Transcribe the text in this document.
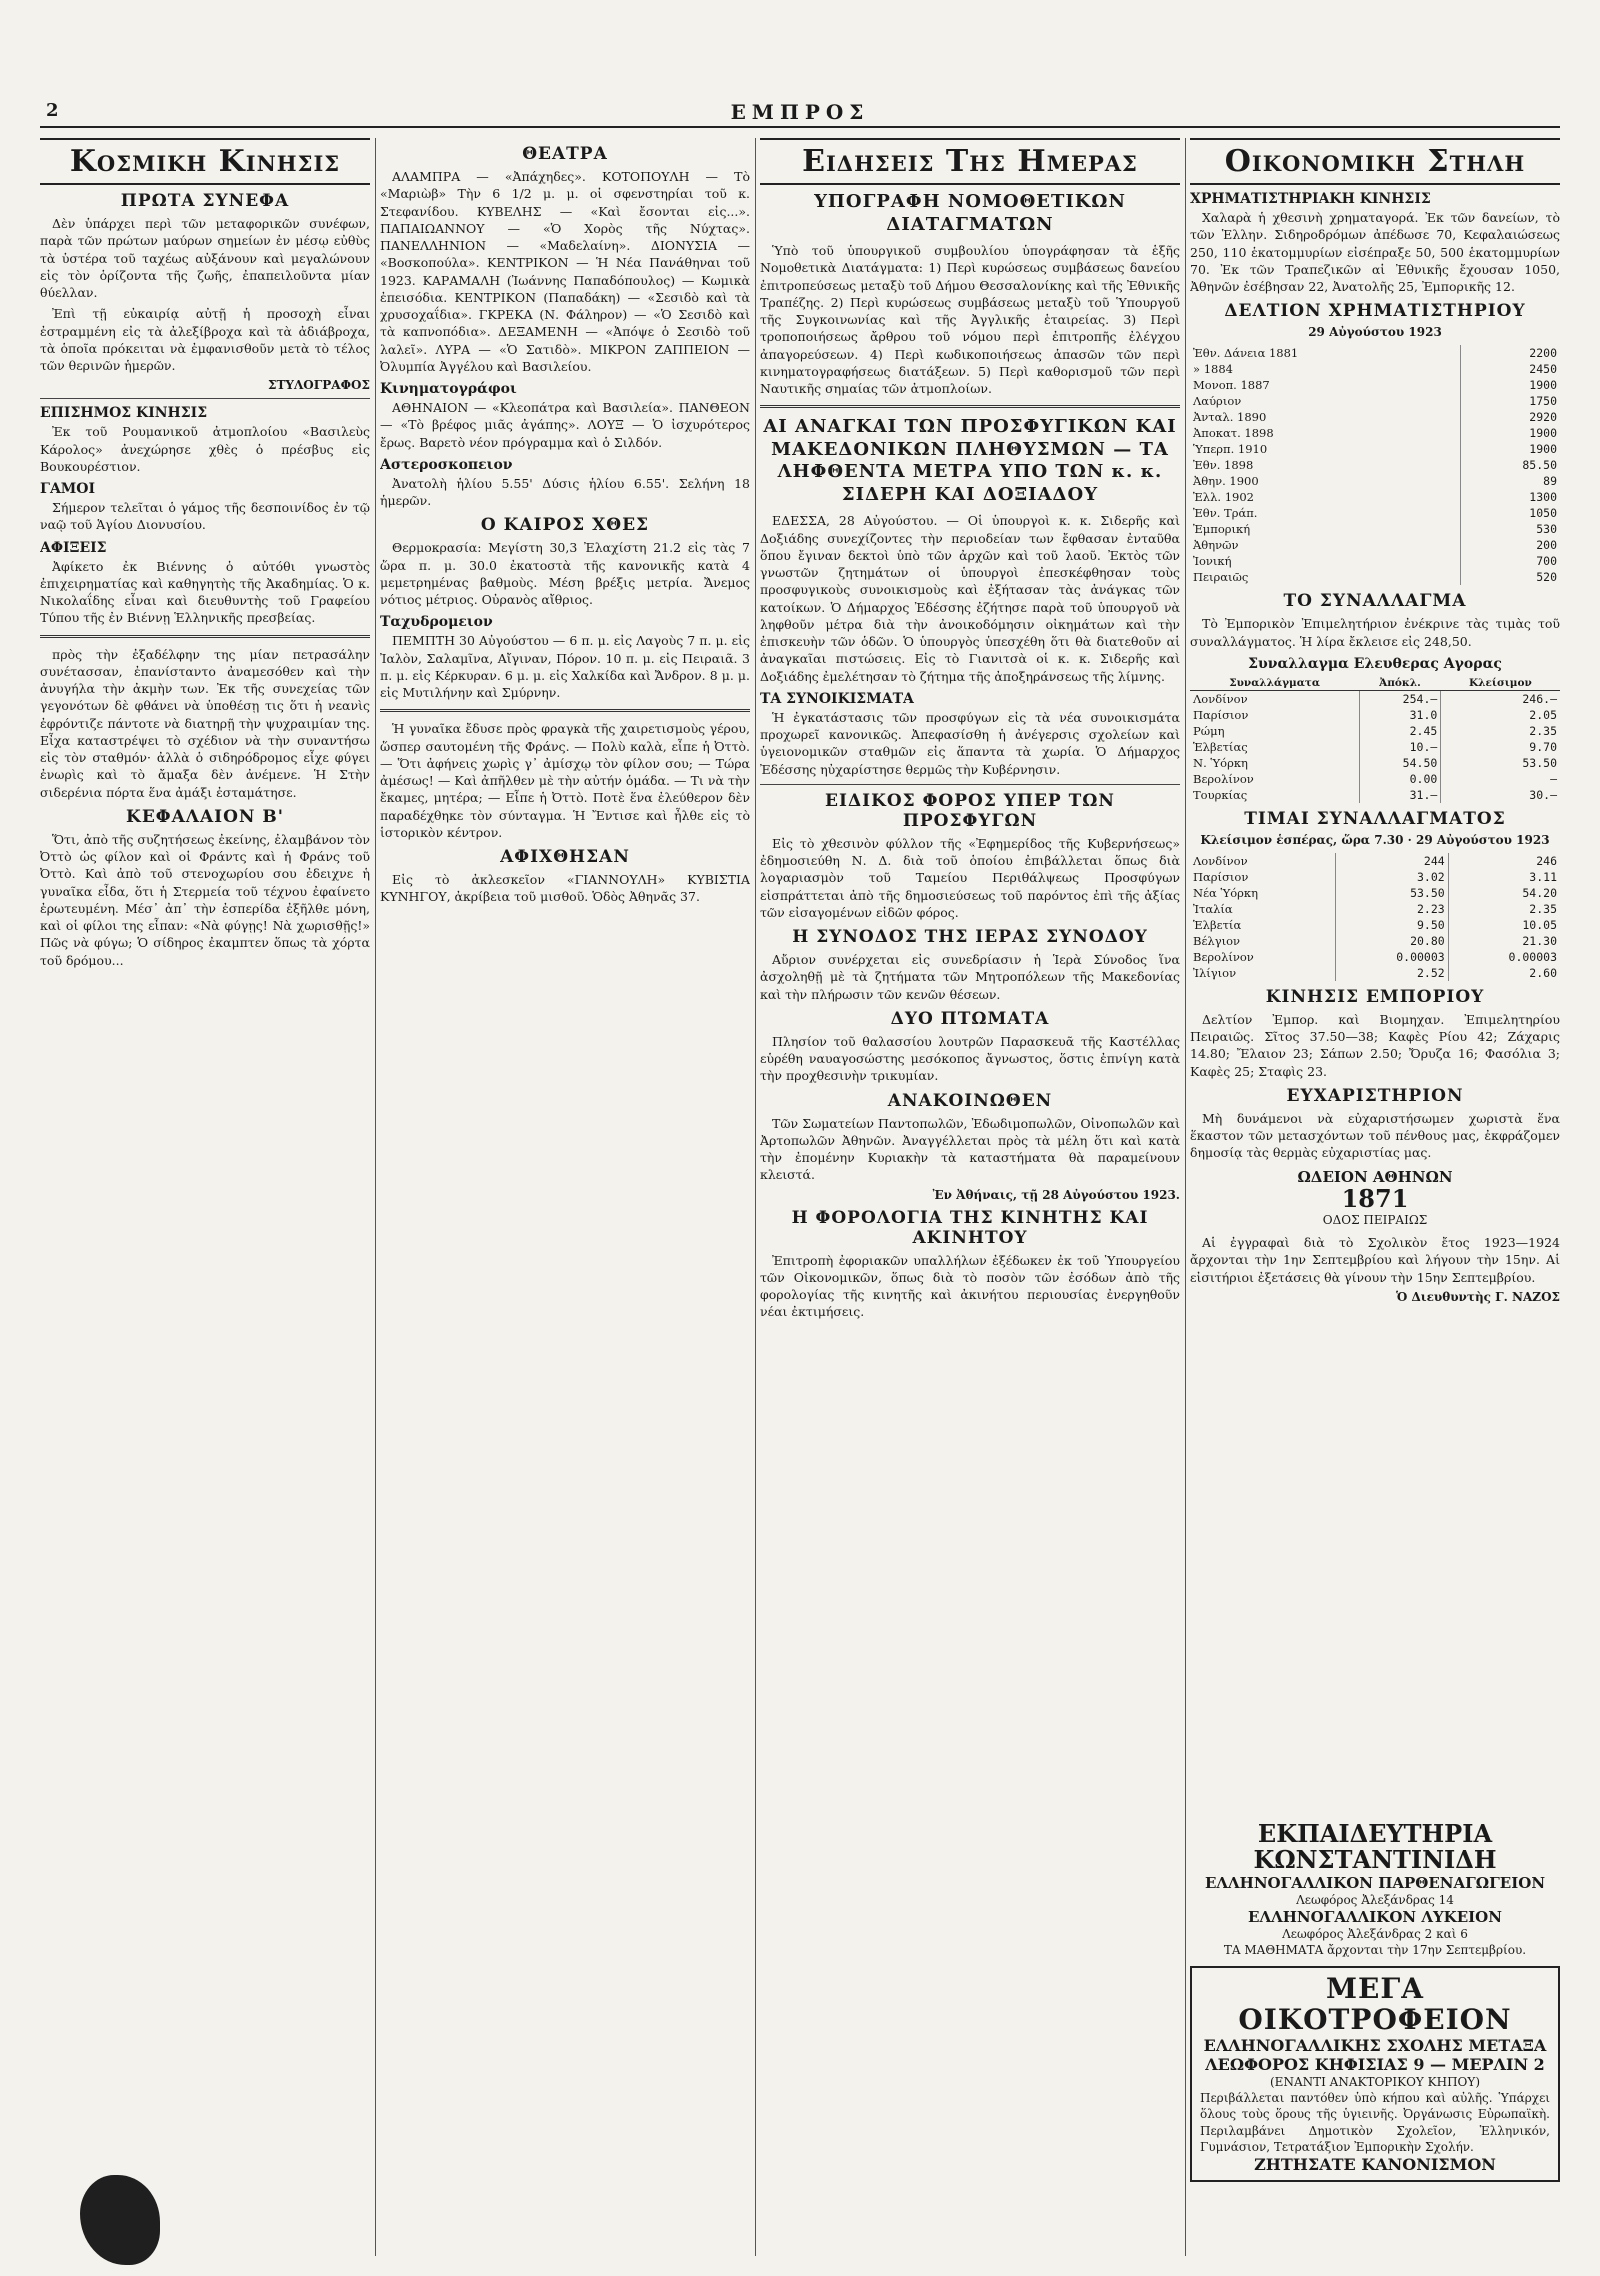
2	ΕΜΠΡΟΣ
Κοσμικη Κινησις
ΠΡΩΤΑ ΣΥΝΕΦΑ

Δὲν ὑπάρχει περὶ τῶν μεταφορικῶν συνέφων, παρὰ τῶν πρώτων μαύρων σημείων ἐν μέσῳ εὐθὺς τὰ ὑστέρα τοῦ ταχέως αὐξάνουν καὶ μεγαλώνουν εἰς τὸν ὁρίζοντα τῆς ζωῆς, ἐπαπειλοῦντα μίαν θύελλαν.

Ἐπὶ τῇ εὐκαιρίᾳ αὐτῇ ἡ προσοχὴ εἶναι ἐστραμμένη εἰς τὰ ἀλεξίβροχα καὶ τὰ ἀδιάβροχα, τὰ ὁποῖα πρόκειται νὰ ἐμφανισθοῦν μετὰ τὸ τέλος τῶν θερινῶν ἡμερῶν.

ΣΤΥΛΟΓΡΑΦΟΣ
ΕΠΙΣΗΜΟΣ ΚΙΝΗΣΙΣ

Ἐκ τοῦ Ρουμανικοῦ ἀτμοπλοίου «Βασιλεὺς Κάρολος» ἀνεχώρησε χθὲς ὁ πρέσβυς εἰς Βουκουρέστιον.

ΓΑΜΟΙ

Σήμερον τελεῖται ὁ γάμος τῆς δεσποινίδος ἐν τῷ ναῷ τοῦ Ἁγίου Διονυσίου.

ΑΦΙΞΕΙΣ

Ἀφίκετο ἐκ Βιέννης ὁ αὐτόθι γνωστὸς ἐπιχειρηματίας καὶ καθηγητὴς τῆς Ἀκαδημίας. Ὁ κ. Νικολαΐδης εἶναι καὶ διευθυντὴς τοῦ Γραφείου Τύπου τῆς ἐν Βιέννῃ Ἑλληνικῆς πρεσβείας.

πρὸς τὴν ἐξαδέλφην της μίαν πετρασάλην συνέτασσαν, ἐπανίσταντο ἀναμεσόθεν καὶ τὴν ἀνυγήλα τὴν ἀκμὴν των. Ἐκ τῆς συνεχείας τῶν γεγονότων δὲ φθάνει νὰ ὑποθέσῃ τις ὅτι ἡ νεανὶς ἐφρόντιζε πάντοτε νὰ διατηρῇ τὴν ψυχραιμίαν της. Εἶχα καταστρέψει τὸ σχέδιον νὰ τὴν συναντήσω εἰς τὸν σταθμόν· ἀλλὰ ὁ σιδηρόδρομος εἶχε φύγει ἐνωρὶς καὶ τὸ ἄμαξα δὲν ἀνέμενε. Ἡ Στὴν σιδερένια πόρτα ἕνα ἀμάξι ἐσταμάτησε.

ΚΕΦΑΛΑΙΟΝ Β'

Ὅτι, ἀπὸ τῆς συζητήσεως ἐκείνης, ἐλαμβάνον τὸν Ὀττὸ ὡς φίλον καὶ οἱ Φράντς καὶ ἡ Φράνς τοῦ Ὀττὸ. Καὶ ἀπὸ τοῦ στενοχωρίου σου ἐδειχνε ἡ γυναῖκα εἶδα, ὅτι ἡ Στερμεία τοῦ τέχνου ἐφαίνετο ἐρωτευμένη. Μέσ᾽ ἀπ᾽ τὴν ἐσπερίδα ἐξῆλθε μόνη, καὶ οἱ φίλοι της εἶπαν: «Νὰ φύγῃς! Νὰ χωρισθῇς!» Πῶς νὰ φύγω; Ὁ σίδηρος ἐκαμπτεν ὅπως τὰ χόρτα τοῦ δρόμου...

ΘΕΑΤΡΑ

ΑΛΑΜΠΡΑ — «Ἀπάχηδες». ΚΟΤΟΠΟΥΛΗ — Τὸ «Μαριὼβ» Τὴν 6 1/2 μ. μ. οἱ σφενστηρίαι τοῦ κ. Στεφανίδου. ΚΥΒΕΛΗΣ — «Καὶ ἔσονται εἰς...». ΠΑΠΑΙΩΑΝΝΟΥ — «Ὁ Χορὸς τῆς Νύχτας». ΠΑΝΕΛΛΗΝΙΟΝ — «Μαδελαίνη». ΔΙΟΝΥΣΙΑ — «Βοσκοπούλα». ΚΕΝΤΡΙΚΟΝ — Ἡ Νέα Πανάθηναι τοῦ 1923. ΚΑΡΑΜΑΛΗ (Ἰωάννης Παπαδόπουλος) — Κωμικὰ ἐπεισόδια. ΚΕΝΤΡΙΚΟΝ (Παπαδάκη) — «Σεσιδὸ καὶ τὰ χρυσοχαΐδια». ΓΚΡΕΚΑ (Ν. Φάληρον) — «Ὁ Σεσιδὸ καὶ τὰ καπνοπόδια». ΔΕΞΑΜΕΝΗ — «Ἀπόψε ὁ Σεσιδὸ τοῦ λαλεῖ». ΛΥΡΑ — «Ὁ Σατιδὸ». ΜΙΚΡΟΝ ΖΑΠΠΕΙΟΝ — Ὀλυμπία Ἀγγέλου καὶ Βασιλείου.

Κινηματογράφοι

ΑΘΗΝΑΙΟΝ — «Κλεοπάτρα καὶ Βασιλεία». ΠΑΝΘΕΟΝ — «Τὸ βρέφος μιᾶς ἀγάπης». ΛΟΥΞ — Ὁ ἰσχυρότερος ἔρως. Βαρετὸ νέον πρόγραμμα καὶ ὁ Σιλδόν.

Αστεροσκοπειον

Ἀνατολὴ ἡλίου 5.55' Δύσις ἡλίου 6.55'. Σελήνη 18 ἡμερῶν.

Ο ΚΑΙΡΟΣ ΧΘΕΣ

Θερμοκρασία: Μεγίστη 30,3 Ἐλαχίστη 21.2 εἰς τὰς 7 ὥρα π. μ. 30.0 ἐκατοστὰ τῆς κανονικῆς κατὰ 4 μεμετρημένας βαθμοὺς. Μέση βρέξις μετρία. Ἄνεμος νότιος μέτριος. Οὐρανὸς αἴθριος.

Ταχυδρομειον

ΠΕΜΠΤΗ 30 Αὐγούστου — 6 π. μ. εἰς Λαγοὺς 7 π. μ. εἰς Ἰαλὸν, Σαλαμῖνα, Αἴγιναν, Πόρον. 10 π. μ. εἰς Πειραιᾶ. 3 π. μ. εἰς Κέρκυραν. 6 μ. μ. εἰς Χαλκίδα καὶ Ἄνδρον. 8 μ. μ. εἰς Μυτιλήνην καὶ Σμύρνην.

Ἡ γυναῖκα ἔδυσε πρὸς φραγκὰ τῆς χαιρετισμοὺς γέρου, ὥσπερ σαυτομένη τῆς Φράνς. — Πολὺ καλὰ, εἶπε ἡ Ὀττὸ. — Ὅτι ἀφήνεις χωρὶς γ᾽ ἀμίσχῳ τὸν φίλον σου; — Τώρα ἀμέσως! — Καὶ ἀπῆλθεν μὲ τὴν αὐτήν ὁμάδα. — Τι νὰ τὴν ἔκαμες, μητέρα; — Εἶπε ἡ Ὀττὸ. Ποτὲ ἕνα ἐλεύθερον δὲν παραδέχθηκε τὸν σύνταγμα. Ἡ Ἔντισε καὶ ἦλθε εἰς τὸ ἱστορικὸν κέντρον.

ΑΦΙΧΘΗΣΑΝ

Εἰς τὸ ἀκλεσκεῖον «ΓΙΑΝΝΟΥΛΗ» ΚΥΒΙΣΤΙΑ ΚΥΝΗΓΟΥ, ἀκρίβεια τοῦ μισθοῦ. Ὁδὸς Ἀθηνᾶς 37.

Ειδησεις Της Ημερας
ΥΠΟΓΡΑΦΗ ΝΟΜΟΘΕΤΙΚΩΝ ΔΙΑΤΑΓΜΑΤΩΝ

Ὑπὸ τοῦ ὑπουργικοῦ συμβουλίου ὑπογράφησαν τὰ ἑξῆς Νομοθετικὰ Διατάγματα: 1) Περὶ κυρώσεως συμβάσεως δανείου ἐπιτροπεύσεως μεταξὺ τοῦ Δήμου Θεσσαλονίκης καὶ τῆς Ἐθνικῆς Τραπέζης. 2) Περὶ κυρώσεως συμβάσεως μεταξὺ τοῦ Ὑπουργοῦ τῆς Συγκοινωνίας καὶ τῆς Ἀγγλικῆς ἑταιρείας. 3) Περὶ τροποποιήσεως ἄρθρου τοῦ νόμου περὶ ἐπιτροπῆς ἐλέγχου ἀπαγορεύσεων. 4) Περὶ κωδικοποιήσεως ἁπασῶν τῶν περὶ κινηματογραφήσεως διατάξεων. 5) Περὶ καθορισμοῦ τῶν περὶ Ναυτικῆς σημαίας τῶν ἀτμοπλοίων.

ΑΙ ΑΝΑΓΚΑΙ ΤΩΝ ΠΡΟΣΦΥΓΙΚΩΝ ΚΑΙ ΜΑΚΕΔΟΝΙΚΩΝ ΠΛΗΘΥΣΜΩΝ — ΤΑ ΛΗΦΘΕΝΤΑ ΜΕΤΡΑ ΥΠΟ ΤΩΝ κ. κ. ΣΙΔΕΡΗ ΚΑΙ ΔΟΞΙΑΔΟΥ

ΕΔΕΣΣΑ, 28 Αὐγούστου. — Οἱ ὑπουργοὶ κ. κ. Σιδερῆς καὶ Δοξιάδης συνεχίζοντες τὴν περιοδείαν των ἔφθασαν ἐνταῦθα ὅπου ἔγιναν δεκτοὶ ὑπὸ τῶν ἀρχῶν καὶ τοῦ λαοῦ. Ἐκτὸς τῶν γνωστῶν ζητημάτων οἱ ὑπουργοὶ ἐπεσκέφθησαν τοὺς προσφυγικοὺς συνοικισμοὺς καὶ ἐξήτασαν τὰς ἀνάγκας τῶν κατοίκων. Ὁ Δήμαρχος Ἐδέσσης ἐζήτησε παρὰ τοῦ ὑπουργοῦ νὰ ληφθοῦν μέτρα διὰ τὴν ἀνοικοδόμησιν οἰκημάτων καὶ τὴν ἐπισκευὴν τῶν ὁδῶν. Ὁ ὑπουργὸς ὑπεσχέθη ὅτι θὰ διατεθοῦν αἱ ἀναγκαῖαι πιστώσεις. Εἰς τὸ Γιανιτσὰ οἱ κ. κ. Σιδερῆς καὶ Δοξιάδης ἐμελέτησαν τὸ ζήτημα τῆς ἀποξηράνσεως τῆς λίμνης.

ΤΑ ΣΥΝΟΙΚΙΣΜΑΤΑ

Ἡ ἐγκατάστασις τῶν προσφύγων εἰς τὰ νέα συνοικισμάτα προχωρεῖ κανονικῶς. Ἀπεφασίσθη ἡ ἀνέγερσις σχολείων καὶ ὑγειονομικῶν σταθμῶν εἰς ἅπαντα τὰ χωρία. Ὁ Δήμαρχος Ἐδέσσης ηὐχαρίστησε θερμῶς τὴν Κυβέρνησιν.

ΕΙΔΙΚΟΣ ΦΟΡΟΣ ΥΠΕΡ ΤΩΝ ΠΡΟΣΦΥΓΩΝ

Εἰς τὸ χθεσινὸν φύλλον τῆς «Ἐφημερίδος τῆς Κυβερνήσεως» ἐδημοσιεύθη Ν. Δ. διὰ τοῦ ὁποίου ἐπιβάλλεται ὅπως διὰ λογαριασμὸν τοῦ Ταμείου Περιθάλψεως Προσφύγων εἰσπράττεται ἀπὸ τῆς δημοσιεύσεως τοῦ παρόντος ἐπὶ τῆς ἀξίας τῶν εἰσαγομένων εἰδῶν φόρος.

Η ΣΥΝΟΔΟΣ ΤΗΣ ΙΕΡΑΣ ΣΥΝΟΔΟΥ

Αὔριον συνέρχεται εἰς συνεδρίασιν ἡ Ἱερὰ Σύνοδος ἵνα ἀσχοληθῇ μὲ τὰ ζητήματα τῶν Μητροπόλεων τῆς Μακεδονίας καὶ τὴν πλήρωσιν τῶν κενῶν θέσεων.

ΔΥΟ ΠΤΩΜΑΤΑ

Πλησίον τοῦ θαλασσίου λουτρῶν Παρασκευᾶ τῆς Καστέλλας εὑρέθη ναυαγοσώστης μεσόκοπος ἄγνωστος, ὅστις ἐπνίγη κατὰ τὴν προχθεσινὴν τρικυμίαν.

ΑΝΑΚΟΙΝΩΘΕΝ

Τῶν Σωματείων Παντοπωλῶν, Ἐδωδιμοπωλῶν, Οἰνοπωλῶν καὶ Ἀρτοπωλῶν Ἀθηνῶν. Ἀναγγέλλεται πρὸς τὰ μέλη ὅτι καὶ κατὰ τὴν ἐπομένην Κυριακὴν τὰ καταστήματα θὰ παραμείνουν κλειστά.

Ἐν Ἀθήναις, τῇ 28 Αὐγούστου 1923.
Η ΦΟΡΟΛΟΓΙΑ ΤΗΣ ΚΙΝΗΤΗΣ ΚΑΙ ΑΚΙΝΗΤΟΥ

Ἐπιτροπὴ ἐφοριακῶν υπαλλήλων ἐξέδωκεν ἐκ τοῦ Ὑπουργείου τῶν Οἰκονομικῶν, ὅπως διὰ τὸ ποσὸν τῶν ἐσόδων ἀπὸ τῆς φορολογίας τῆς κινητῆς καὶ ἀκινήτου περιουσίας ἐνεργηθοῦν νέαι ἐκτιμήσεις.

Οικονομικη Στηλη
ΧΡΗΜΑΤΙΣΤΗΡΙΑΚΗ ΚΙΝΗΣΙΣ

Χαλαρὰ ἡ χθεσινὴ χρηματαγορά. Ἐκ τῶν δανείων, τὸ τῶν Ἑλλην. Σιδηροδρόμων ἀπέδωσε 70, Κεφαλαιώσεως 250, 110 ἑκατομμυρίων εἰσέπραξε 50, 500 ἑκατομμυρίων 70. Ἐκ τῶν Τραπεζικῶν αἱ Ἐθνικῆς ἔχουσαν 1050, Ἀθηνῶν ἐσέβησαν 22, Ἀνατολῆς 25, Ἐμπορικῆς 12.

ΔΕΛΤΙΟΝ ΧΡΗΜΑΤΙΣΤΗΡΙΟΥ
29 Αὐγούστου 1923
Ἐθν. Δάνεια 1881	2200
» 1884	2450
Μονοπ. 1887	1900
Λαύριον	1750
Ἀνταλ. 1890	2920
Ἀποκατ. 1898	1900
Ὑπερπ. 1910	1900
Ἐθν. 1898	85.50
Ἀθην. 1900	89
Ἐλλ. 1902	1300
Ἐθν. Τράπ.	1050
Ἐμπορική	530
Ἀθηνῶν	200
Ἰονική	700
Πειραιῶς	520
ΤΟ ΣΥΝΑΛΛΑΓΜΑ

Τὸ Ἐμπορικὸν Ἐπιμελητήριον ἐνέκρινε τὰς τιμὰς τοῦ συναλλάγματος. Ἡ λίρα ἔκλεισε εἰς 248,50.

Συναλλαγμα Ελευθερας Αγορας
Συναλλάγματα	Ἀπόκλ.	Κλείσιμον
Λονδίνον	254.—	246.—
Παρίσιον	31.0	2.05
Ρώμη	2.45	2.35
Ἑλβετίας	10.—	9.70
Ν. Ὑόρκη	54.50	53.50
Βερολίνον	0.00	—
Τουρκίας	31.—	30.—
ΤΙΜΑΙ ΣΥΝΑΛΛΑΓΜΑΤΟΣ
Κλείσιμον ἑσπέρας, ὥρα 7.30 · 29 Αὐγούστου 1923
Λονδίνον	244	246
Παρίσιον	3.02	3.11
Νέα Ὑόρκη	53.50	54.20
Ἰταλία	2.23	2.35
Ἑλβετία	9.50	10.05
Βέλγιον	20.80	21.30
Βερολίνον	0.00003	0.00003
Ἰλίγιον	2.52	2.60
ΚΙΝΗΣΙΣ ΕΜΠΟΡΙΟΥ

Δελτίον Ἐμπορ. καὶ Βιομηχαν. Ἐπιμελητηρίου Πειραιῶς. Σῖτος 37.50—38; Καφὲς Ρίου 42; Ζάχαρις 14.80; Ἔλαιον 23; Σάπων 2.50; Ὄρυζα 16; Φασόλια 3; Καφὲς 25; Σταφὶς 23.

ΕΥΧΑΡΙΣΤΗΡΙΟΝ

Μὴ δυνάμενοι νὰ εὐχαριστήσωμεν χωριστὰ ἕνα ἕκαστον τῶν μετασχόντων τοῦ πένθους μας, ἐκφράζομεν δημοσίᾳ τὰς θερμὰς εὐχαριστίας μας.

ΩΔΕΙΟΝ ΑΘΗΝΩΝ
1871
ΟΔΟΣ ΠΕΙΡΑΙΩΣ

Αἱ ἐγγραφαὶ διὰ τὸ Σχολικὸν ἔτος 1923—1924 ἄρχονται τὴν 1ην Σεπτεμβρίου καὶ λήγουν τὴν 15ην. Αἱ εἰσιτήριοι ἐξετάσεις θὰ γίνουν τὴν 15ην Σεπτεμβρίου.

Ὁ Διευθυντὴς Γ. ΝΑΖΟΣ
ΕΚΠΑΙΔΕΥΤΗΡΙΑ ΚΩΝΣΤΑΝΤΙΝΙΔΗ
ΕΛΛΗΝΟΓΑΛΛΙΚΟΝ ΠΑΡΘΕΝΑΓΩΓΕΙΟΝ
Λεωφόρος Ἀλεξάνδρας 14
ΕΛΛΗΝΟΓΑΛΛΙΚΟΝ ΛΥΚΕΙΟΝ
Λεωφόρος Ἀλεξάνδρας 2 καὶ 6
ΤΑ ΜΑΘΗΜΑΤΑ ἄρχονται τὴν 17ην Σεπτεμβρίου.
ΜΕΓΑ ΟΙΚΟΤΡΟΦΕΙΟΝ
ΕΛΛΗΝΟΓΑΛΛΙΚΗΣ ΣΧΟΛΗΣ ΜΕΤΑΞΑ
ΛΕΩΦΟΡΟΣ ΚΗΦΙΣΙΑΣ 9 — ΜΕΡΛΙΝ 2
(ΕΝΑΝΤΙ ΑΝΑΚΤΟΡΙΚΟΥ ΚΗΠΟΥ)
Περιβάλλεται παντόθεν ὑπὸ κήπου καὶ αὐλῆς. Ὑπάρχει ὅλους τοὺς ὅρους τῆς ὑγιεινῆς. Ὀργάνωσις Εὐρωπαϊκὴ. Περιλαμβάνει Δημοτικὸν Σχολεῖον, Ἑλληνικόν, Γυμνάσιον, Τετρατάξιον Ἐμπορικὴν Σχολήν.
ΖΗΤΗΣΑΤΕ ΚΑΝΟΝΙΣΜΟΝ
